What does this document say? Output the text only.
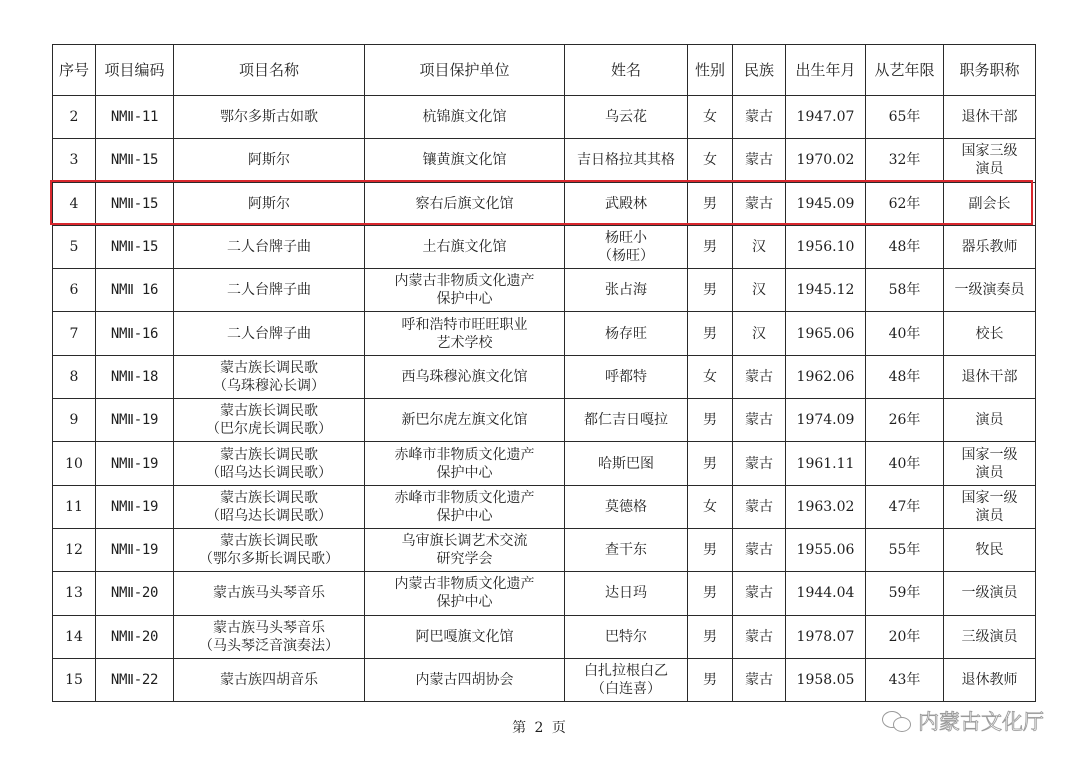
序号	项目编码	项目名称	项目保护单位	姓名	性别	民族	出生年月	从艺年限	职务职称
2	NMⅡ-11	鄂尔多斯古如歌	杭锦旗文化馆	乌云花	女	蒙古	1947.07	65年	退休干部

3	NMⅡ-15	阿斯尔	镶黄旗文化馆	吉日格拉其其格	女	蒙古	1970.02	32年	国家三级
演员

4	NMⅡ-15	阿斯尔	察右后旗文化馆	武殿林	男	蒙古	1945.09	62年	副会长

5	NMⅡ-15	二人台牌子曲	土右旗文化馆	杨旺小
（杨旺）	男	汉	1956.10	48年	器乐教师

6	NMⅡ 16	二人台牌子曲	内蒙古非物质文化遗产
保护中心	张占海	男	汉	1945.12	58年	一级演奏员

7	NMⅡ-16	二人台牌子曲	呼和浩特市旺旺职业
艺术学校	杨存旺	男	汉	1965.06	40年	校长

8	NMⅡ-18	蒙古族长调民歌
（乌珠穆沁长调）	西乌珠穆沁旗文化馆	呼都特	女	蒙古	1962.06	48年	退休干部

9	NMⅡ-19	蒙古族长调民歌
（巴尔虎长调民歌）	新巴尔虎左旗文化馆	都仁吉日嘎拉	男	蒙古	1974.09	26年	演员

10	NMⅡ-19	蒙古族长调民歌
（昭乌达长调民歌）	赤峰市非物质文化遗产
保护中心	哈斯巴图	男	蒙古	1961.11	40年	国家一级
演员

11	NMⅡ-19	蒙古族长调民歌
（昭乌达长调民歌）	赤峰市非物质文化遗产
保护中心	莫德格	女	蒙古	1963.02	47年	国家一级
演员

12	NMⅡ-19	蒙古族长调民歌
（鄂尔多斯长调民歌）	乌审旗长调艺术交流
研究学会	查干东	男	蒙古	1955.06	55年	牧民

13	NMⅡ-20	蒙古族马头琴音乐	内蒙古非物质文化遗产
保护中心	达日玛	男	蒙古	1944.04	59年	一级演员

14	NMⅡ-20	蒙古族马头琴音乐
（马头琴泛音演奏法）	阿巴嘎旗文化馆	巴特尔	男	蒙古	1978.07	20年	三级演员

15	NMⅡ-22	蒙古族四胡音乐	内蒙古四胡协会	白扎拉根白乙
（白连喜）	男	蒙古	1958.05	43年	退休教师
第 2 页	内蒙古文化厅
